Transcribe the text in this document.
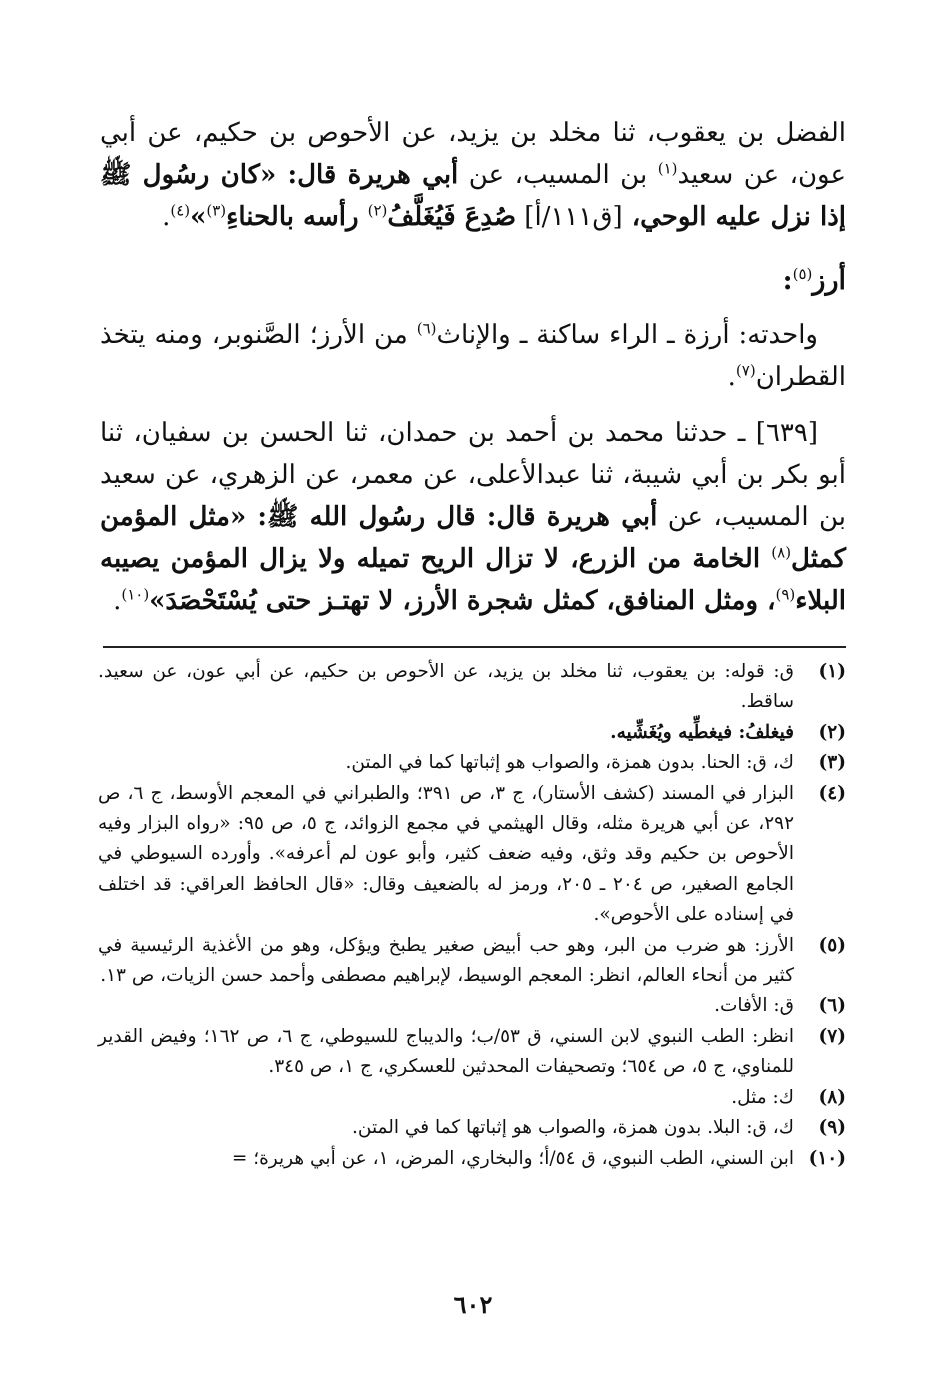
الفضل بن يعقوب، ثنا مخلد بن يزيد، عن الأحوص بن حكيم، عن أبي عون، عن سعيد$^{(١)}$ بن المسيب، عن أبي هريرة قال: «كان رسُول ﷺ إذا نزل عليه الوحي، [ق١١١/أ] صُدِعَ فَيُغَلَّفُ$^{(٢)}$ رأسه بالحناءِ$^{(٣)}$»$^{(٤)}$.

أرز$^{(٥)}$:

واحدته: أرزة ـ الراء ساكنة ـ والإناث$^{(٦)}$ من الأرز؛ الصَّنوبر، ومنه يتخذ القطران$^{(٧)}$.

[٦٣٩] ـ حدثنا محمد بن أحمد بن حمدان، ثنا الحسن بن سفيان، ثنا أبو بكر بن أبي شيبة، ثنا عبدالأعلى، عن معمر، عن الزهري، عن سعيد بن المسيب، عن أبي هريرة قال: قال رسُول الله ﷺ: «مثل المؤمن كمثل$^{(٨)}$ الخامة من الزرع، لا تزال الريح تميله ولا يزال المؤمن يصيبه البلاء$^{(٩)}$، ومثل المنافق، كمثل شجرة الأرز، لا تهتـز حتى يُسْتَحْصَدَ»$^{(١٠)}$.

(١)
ق: قوله: بن يعقوب، ثنا مخلد بن يزيد، عن الأحوص بن حكيم، عن أبي عون، عن سعيد. ساقط.
(٢)
فيغلفُ: فيغطِّيه ويُغَشِّيه.
(٣)
ك، ق: الحنا. بدون همزة، والصواب هو إثباتها كما في المتن.
(٤)
البزار في المسند (كشف الأستار)، ج ٣، ص ٣٩١؛ والطبراني في المعجم الأوسط، ج ٦، ص ٢٩٢، عن أبي هريرة مثله، وقال الهيثمي في مجمع الزوائد، ج ٥، ص ٩٥: «رواه البزار وفيه الأحوص بن حكيم وقد وثق، وفيه ضعف كثير، وأبو عون لم أعرفه». وأورده السيوطي في الجامع الصغير، ص ٢٠٤ ـ ٢٠٥، ورمز له بالضعيف وقال: «قال الحافظ العراقي: قد اختلف في إسناده على الأحوص».
(٥)
الأرز: هو ضرب من البر، وهو حب أبيض صغير يطبخ ويؤكل، وهو من الأغذية الرئيسية في كثير من أنحاء العالم، انظر: المعجم الوسيط، لإبراهيم مصطفى وأحمد حسن الزيات، ص ١٣.
(٦)
ق: الأفات.
(٧)
انظر: الطب النبوي لابن السني، ق ٥٣/ب؛ والديباج للسيوطي، ج ٦، ص ١٦٢؛ وفيض القدير للمناوي، ج ٥، ص ٦٥٤؛ وتصحيفات المحدثين للعسكري، ج ١، ص ٣٤٥.
(٨)
ك: مثل.
(٩)
ك، ق: البلا. بدون همزة، والصواب هو إثباتها كما في المتن.
(١٠)
ابن السني، الطب النبوي، ق ٥٤/أ؛ والبخاري، المرض، ١، عن أبي هريرة؛ =
٦٠٢
